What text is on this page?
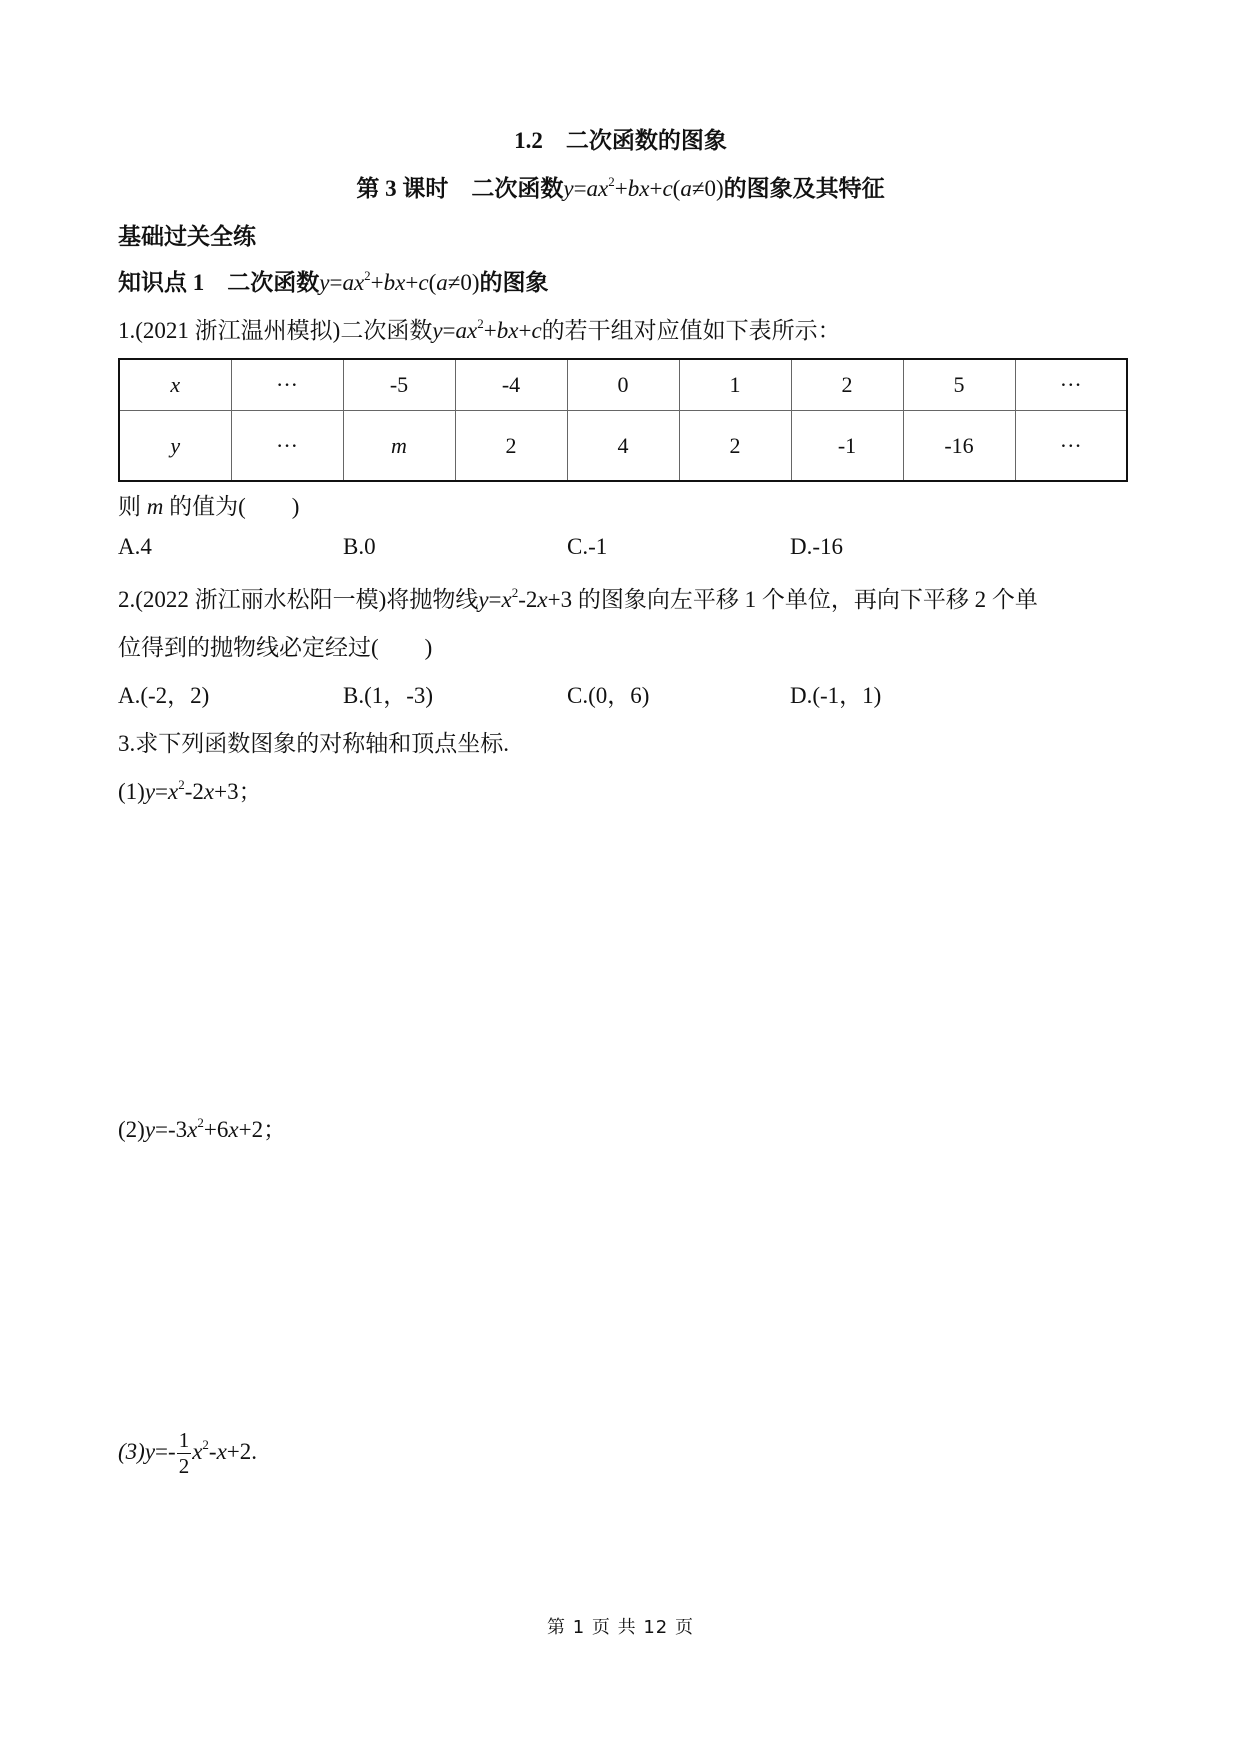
1.2　 二次函数的图象
第 3 课时　 二次函数$y=ax^2+bx+c(a\ne 0)$的图象及其特征
基础过关全练
知识点 1　 二次函数$y=ax^2+bx+c(a\ne 0)$的图象
1.(2021 浙江温州模拟)二次函数$y=ax^2+bx+c$的若干组对应值如下表所示：
x	···	-5	-4	0	1	2	5	···
y	···	m	2	4	2	-1	-16	···
则 m 的值为(　　)
A.4	B.0	C.-1	D.-16
2.(2022 浙江丽水松阳一模)将抛物线$y=x^2-2x+3$ 的图象向左平移 1 个单位，再向下平移 2 个单
位得到的抛物线必定经过(　　)
A.(-2，2)	B.(1，-3)	C.(0，6)	D.(-1，1)
3.求下列函数图象的对称轴和顶点坐标.
$(1)y=x^2-2x+3$；
$(2)y=-3x^2+6x+2$；
$(3)y=- \frac{1}{2} x^2-x+2$.
第 1 页 共 12 页
